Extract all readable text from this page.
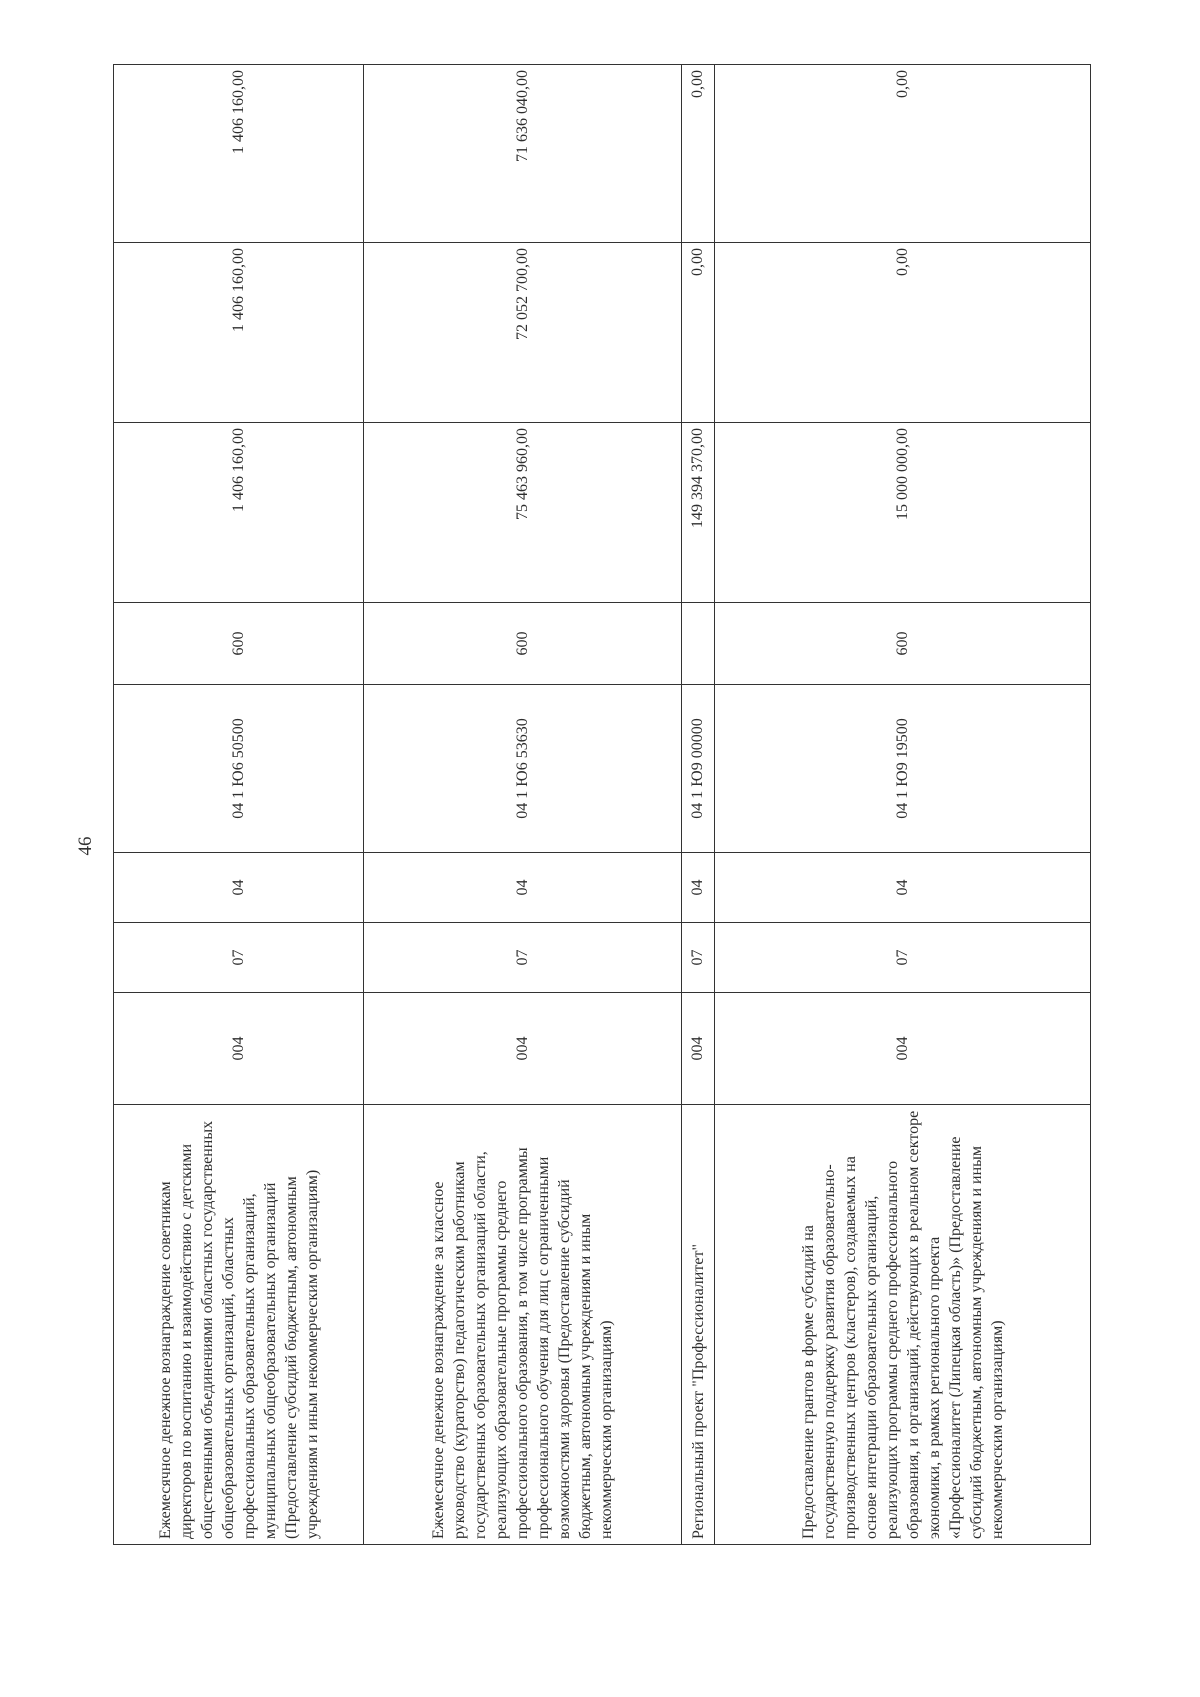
46
Ежемесячное денежное вознаграждение советникам директоров по воспитанию и взаимодействию с детскими общественными объединениями областных государственных общеобразовательных организаций, областных профессиональных образовательных организаций, муниципальных общеобразовательных организаций (Предоставление субсидий бюджетным, автономным учреждениям и иным некоммерческим организациям)	004	07	04	04 1 Ю6 50500	600	1 406 160,00	1 406 160,00	1 406 160,00
Ежемесячное денежное вознаграждение за классное руководство (кураторство) педагогическим работникам государственных образовательных организаций области, реализующих образовательные программы среднего профессионального образования, в том числе программы профессионального обучения для лиц с ограниченными возможностями здоровья (Предоставление субсидий бюджетным, автономным учреждениям и иным некоммерческим организациям)	004	07	04	04 1 Ю6 53630	600	75 463 960,00	72 052 700,00	71 636 040,00
Региональный проект "Профессионалитет"	004	07	04	04 1 Ю9 00000		149 394 370,00	0,00	0,00
Предоставление грантов в форме субсидий на государственную поддержку развития образовательно-производственных центров (кластеров), создаваемых на основе интеграции образовательных организаций, реализующих программы среднего профессионального образования, и организаций, действующих в реальном секторе экономики, в рамках регионального проекта «Профессионалитет (Липецкая область)» (Предоставление субсидий бюджетным, автономным учреждениям и иным некоммерческим организациям)	004	07	04	04 1 Ю9 19500	600	15 000 000,00	0,00	0,00
